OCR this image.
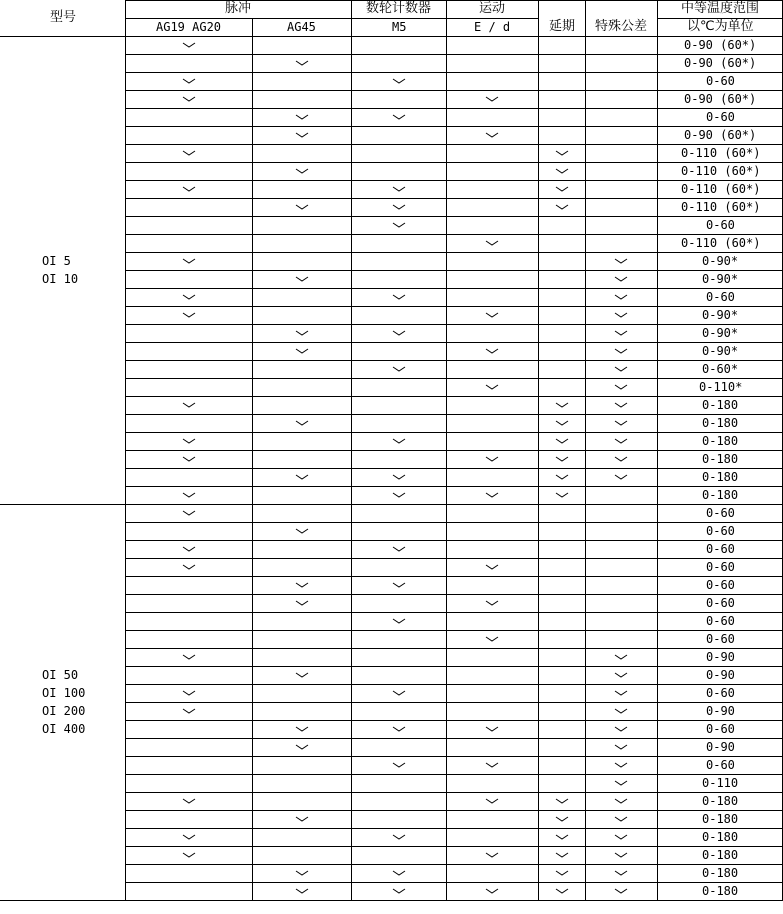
型号
脉冲
AG19 AG20	AG45
数轮计数器
M5
运动
E / d	延期 特殊公差
中等温度范围
以℃为单位
OI 5
OI 10
OI 50
OI 100
OI 200
OI 400
0-90 (60*)
0-90 (60*)
0-60
0-90 (60*)
0-60
0-90 (60*)
0-110 (60*)
0-110 (60*)
0-110 (60*)
0-110 (60*)
0-60
0-110 (60*)
0-90*
0-90*
0-60
0-90*
0-90*
0-90*
0-60*
0-110*
0-180
0-180
0-180
0-180
0-180
0-180
0-60
0-60
0-60
0-60
0-60
0-60
0-60
0-60
0-90
0-90
0-60
0-90
0-60
0-90
0-60
0-110
0-180
0-180
0-180
0-180
0-180
0-180
